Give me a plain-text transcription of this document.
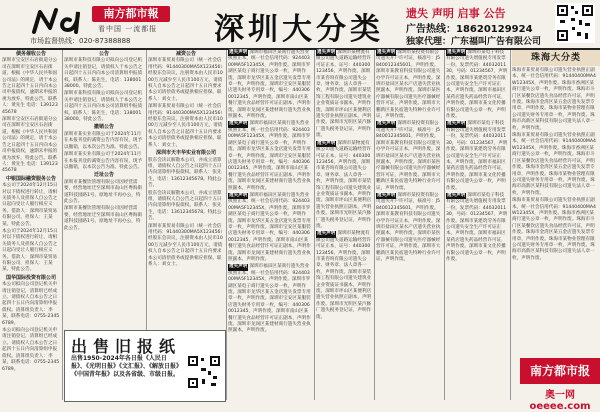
南方都市報
看中国 一流都报
市场监督热线：020-87388888	深圳大分类 遗失 声明 启事 公告
广告热线：18620129924
独家代理：广东福叫广告有限公司
债务催收公告

深圳市宝安区石岩街道分公司在深圳市宝安区石岩街道，根据《中华人民共和国公司法》的规定，请于本公告之日起四十五日内向本公司申报债权，逾期未申报的视为放弃。特此公告。联系人：黄先生 电话：13912345678

深圳市宝安区石岩街道分公司在深圳市宝安区石岩街道，根据《中华人民共和国公司法》的规定，请于本公告之日起四十五日内向本公司申报债权，逾期未申报的视为放弃。特此公告。联系人：黄先生 电话：13912345678

中银国际融资服务公告

本公司于2024年12月15日对以下债权进行转让，请相关债务人及担保人自公告之日起向受让人履行相应义务。借款人：深圳市某贸易有限公司，担保人：王某某。特此公告。

本公司于2024年12月15日对以下债权进行转让，请相关债务人及担保人自公告之日起向受让人履行相应义务。借款人：深圳市某贸易有限公司，担保人：王某某。特此公告。

国华国际投资有限公司

本公司拟向公司登记机关申请注销登记，清算组已经成立。请债权人自本公告之日起四十五日内向清算组申报债权。清算组负责人：李某，联系电话：0755-23456789。

本公司拟向公司登记机关申请注销登记，清算组已经成立。请债权人自本公告之日起四十五日内向清算组申报债权。清算组负责人：李某，联系电话：0755-23456789。

公告

深圳市某科技有限公司拟向公司登记机关申请注销登记，请债权人于本公告之日起四十五日内向本公司清算组申报债权。联系人：陈先生，电话：13800138000。特此公告。

深圳市某科技有限公司拟向公司登记机关申请注销登记，请债权人于本公告之日起四十五日内向本公司清算组申报债权。联系人：陈先生，电话：13800138000。特此公告。

撤销公告

深圳市某实业有限公司于2024年11月在本报刊登的减资公告内容有误，现予以撤销，以本次公告为准。特此公告。

深圳市某实业有限公司于2024年11月在本报刊登的减资公告内容有误，现予以撤销，以本次公告为准。特此公告。

迁址公告

深圳市某餐饮管理有限公司因经营需要，经营地址迁至深圳市南山区粤海街道科技园路1号。原地址不再办公，特此公告。

深圳市某餐饮管理有限公司因经营需要，经营地址迁至深圳市南山区粤海街道科技园路1号。原地址不再办公，特此公告。

减资公告

深圳市某贸易有限公司（统一社会信用代码：91440300MA5X123456）经股东会决议，注册资本由人民币1000万元减少至人民币100万元，请债权人自本公告之日起四十五日内要求本公司清偿债务或提供相应担保。联系人：刘女士。

深圳市某贸易有限公司（统一社会信用代码：91440300MA5X123456）经股东会决议，注册资本由人民币1000万元减少至人民币100万元，请债权人自本公告之日起四十五日内要求本公司清偿债务或提供相应担保。联系人：刘女士。

深圳市天丰华实业有限公司

股东会决议解散本公司，并成立清算组，请债权人自公告之日起四十五日内向清算组申报债权。联系人：张先生，电话：13612345678。特此公告。

股东会决议解散本公司，并成立清算组，请债权人自公告之日起四十五日内向清算组申报债权。联系人：张先生，电话：13612345678。特此公告。

深圳市某贸易有限公司（统一社会信用代码：91440300MA5X123456）经股东会决议，注册资本由人民币1000万元减少至人民币100万元，请债权人自本公告之日起四十五日内要求本公司清偿债务或提供相应担保。联系人：刘女士。

出售旧报纸
出售1950-2024年各日报《人民日报》、《光明日报》《文汇报》、《解放日报》《中国青年报》以及各省级、市级日报。

遗失声明 深圳市福田区某商行遗失营业执照正本，统一社会信用代码：92440300MA5F12345X，声明作废。深圳市罗湖区某电子商行遗失公章一枚，声明作废。深圳市龙华区某五金店遗失发票专用章一枚，声明作废。深圳市宝安区某服装店遗失财务专用章一枚，编号：4403060012345，声明作废。深圳市南山区某餐厅遗失食品经营许可证正副本，声明作废。深圳市龙岗区某建材商行遗失营业执照副本，声明作废。

遗失声明 深圳市福田区某商行遗失营业执照正本，统一社会信用代码：92440300MA5F12345X，声明作废。深圳市罗湖区某电子商行遗失公章一枚，声明作废。深圳市龙华区某五金店遗失发票专用章一枚，声明作废。深圳市宝安区某服装店遗失财务专用章一枚，编号：4403060012345，声明作废。深圳市南山区某餐厅遗失食品经营许可证正副本，声明作废。深圳市龙岗区某建材商行遗失营业执照副本，声明作废。

遗失声明 深圳市福田区某商行遗失营业执照正本，统一社会信用代码：92440300MA5F12345X，声明作废。深圳市罗湖区某电子商行遗失公章一枚，声明作废。深圳市龙华区某五金店遗失发票专用章一枚，声明作废。深圳市宝安区某服装店遗失财务专用章一枚，编号：4403060012345，声明作废。深圳市南山区某餐厅遗失食品经营许可证正副本，声明作废。深圳市龙岗区某建材商行遗失营业执照副本，声明作废。

遗失声明 深圳市福田区某商行遗失营业执照正本，统一社会信用代码：92440300MA5F12345X，声明作废。深圳市罗湖区某电子商行遗失公章一枚，声明作废。深圳市龙华区某五金店遗失发票专用章一枚，声明作废。深圳市宝安区某服装店遗失财务专用章一枚，编号：4403060012345，声明作废。深圳市南山区某餐厅遗失食品经营许可证正副本，声明作废。深圳市龙岗区某建材商行遗失营业执照副本，声明作废。

遗失声明 深圳市某物流有限公司遗失道路运输经营许可证正本，证号：440300123456，声明作废。深圳市某咨询有限公司遗失公章、财务章、法人章各一枚，声明作废。深圳市某装饰工程有限公司遗失建筑业企业资质证书副本，声明作废。深圳市坪山区某便利店遗失营业执照正副本，声明作废。深圳市光明区某汽修厂遗失税务登记证，声明作废。

遗失声明 深圳市某物流有限公司遗失道路运输经营许可证正本，证号：440300123456，声明作废。深圳市某咨询有限公司遗失公章、财务章、法人章各一枚，声明作废。深圳市某装饰工程有限公司遗失建筑业企业资质证书副本，声明作废。深圳市坪山区某便利店遗失营业执照正副本，声明作废。深圳市光明区某汽修厂遗失税务登记证，声明作废。

遗失声明 深圳市某物流有限公司遗失道路运输经营许可证正本，证号：440300123456，声明作废。深圳市某咨询有限公司遗失公章、财务章、法人章各一枚，声明作废。深圳市某装饰工程有限公司遗失建筑业企业资质证书副本，声明作废。深圳市坪山区某便利店遗失营业执照正副本，声明作废。深圳市光明区某汽修厂遗失税务登记证，声明作废。

遗失声明 深圳市某投资有限公司遗失开户许可证，核准号：J5840012345601，声明作废。深圳市某教育科技有限公司遗失办学许可证正本，声明作废。深圳市盐田区某水产店遗失营业执照副本，声明作废。深圳市某医疗器械有限公司遗失医疗器械经营许可证，声明作废。深圳市大鹏新区某民宿遗失特种行业许可证，声明作废。

遗失声明 深圳市某投资有限公司遗失开户许可证，核准号：J5840012345601，声明作废。深圳市某教育科技有限公司遗失办学许可证正本，声明作废。深圳市盐田区某水产店遗失营业执照副本，声明作废。深圳市某医疗器械有限公司遗失医疗器械经营许可证，声明作废。深圳市大鹏新区某民宿遗失特种行业许可证，声明作废。

遗失声明 深圳市某投资有限公司遗失开户许可证，核准号：J5840012345601，声明作废。深圳市某教育科技有限公司遗失办学许可证正本，声明作废。深圳市盐田区某水产店遗失营业执照副本，声明作废。深圳市某医疗器械有限公司遗失医疗器械经营许可证，声明作废。深圳市大鹏新区某民宿遗失特种行业许可证，声明作废。

遗失声明 深圳市某电子科技有限公司遗失增值税专用发票一份，发票代码：4403201130，号码：01234567，声明作废。深圳市某建筑劳务有限公司遗失安全生产许可证正本，声明作废。深圳市福田区某药店遗失药品经营许可证，声明作废。深圳市某文化传播有限公司遗失公章一枚，声明作废。

遗失声明 深圳市某电子科技有限公司遗失增值税专用发票一份，发票代码：4403201130，号码：01234567，声明作废。深圳市某建筑劳务有限公司遗失安全生产许可证正本，声明作废。深圳市福田区某药店遗失药品经营许可证，声明作废。深圳市某文化传播有限公司遗失公章一枚，声明作废。

遗失声明 深圳市某电子科技有限公司遗失增值税专用发票一份，发票代码：4403201130，号码：01234567，声明作废。深圳市某建筑劳务有限公司遗失安全生产许可证正本，声明作废。深圳市福田区某药店遗失药品经营许可证，声明作废。深圳市某文化传播有限公司遗失公章一枚，声明作废。

珠海大分类

珠海市某贸易有限公司遗失营业执照正副本，统一社会信用代码：91440400MA4W12345X，声明作废。珠海市香洲区某商行遗失公章一枚，声明作废。珠海市斗门区某餐饮店遗失食品经营许可证，声明作废。珠海市金湾区某五金店遗失发票专用章，声明作废。珠海市某物业管理有限公司遗失财务专用章一枚，声明作废。珠海市高新区某科技有限公司遗失法人章一枚，声明作废。

珠海市某贸易有限公司遗失营业执照正副本，统一社会信用代码：91440400MA4W12345X，声明作废。珠海市香洲区某商行遗失公章一枚，声明作废。珠海市斗门区某餐饮店遗失食品经营许可证，声明作废。珠海市金湾区某五金店遗失发票专用章，声明作废。珠海市某物业管理有限公司遗失财务专用章一枚，声明作废。珠海市高新区某科技有限公司遗失法人章一枚，声明作废。

珠海市某贸易有限公司遗失营业执照正副本，统一社会信用代码：91440400MA4W12345X，声明作废。珠海市香洲区某商行遗失公章一枚，声明作废。珠海市斗门区某餐饮店遗失食品经营许可证，声明作废。珠海市金湾区某五金店遗失发票专用章，声明作废。珠海市某物业管理有限公司遗失财务专用章一枚，声明作废。珠海市高新区某科技有限公司遗失法人章一枚，声明作废。

南方都市报
奥一网 oeeee.com
